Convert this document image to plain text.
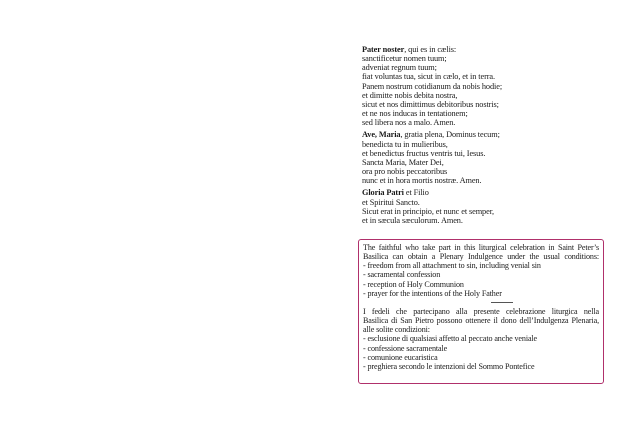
Pater noster, qui es in cælis:
sanctificetur nomen tuum;
adveniat regnum tuum;
fiat voluntas tua, sicut in cælo, et in terra.
Panem nostrum cotidianum da nobis hodie;
et dimitte nobis debita nostra,
sicut et nos dimittimus debitoribus nostris;
et ne nos inducas in tentationem;
sed libera nos a malo. Amen.
Ave, Maria, gratia plena, Dominus tecum;
benedicta tu in mulieribus,
et benedictus fructus ventris tui, Iesus.
Sancta Maria, Mater Dei,
ora pro nobis peccatoribus
nunc et in hora mortis nostræ. Amen.
Gloria Patri et Filio
et Spiritui Sancto.
Sicut erat in principio, et nunc et semper,
et in sæcula sæculorum. Amen.
The faithful who take part in this liturgical celebration in Saint Peter’s
Basilica can obtain a Plenary Indulgence under the usual conditions:
- freedom from all attachment to sin, including venial sin
- sacramental confession
- reception of Holy Communion
- prayer for the intentions of the Holy Father
I fedeli che partecipano alla presente celebrazione liturgica nella
Basilica di San Pietro possono ottenere il dono dell’Indulgenza Plenaria,
alle solite condizioni:
- esclusione di qualsiasi affetto al peccato anche veniale
- confessione sacramentale
- comunione eucaristica
- preghiera secondo le intenzioni del Sommo Pontefice
